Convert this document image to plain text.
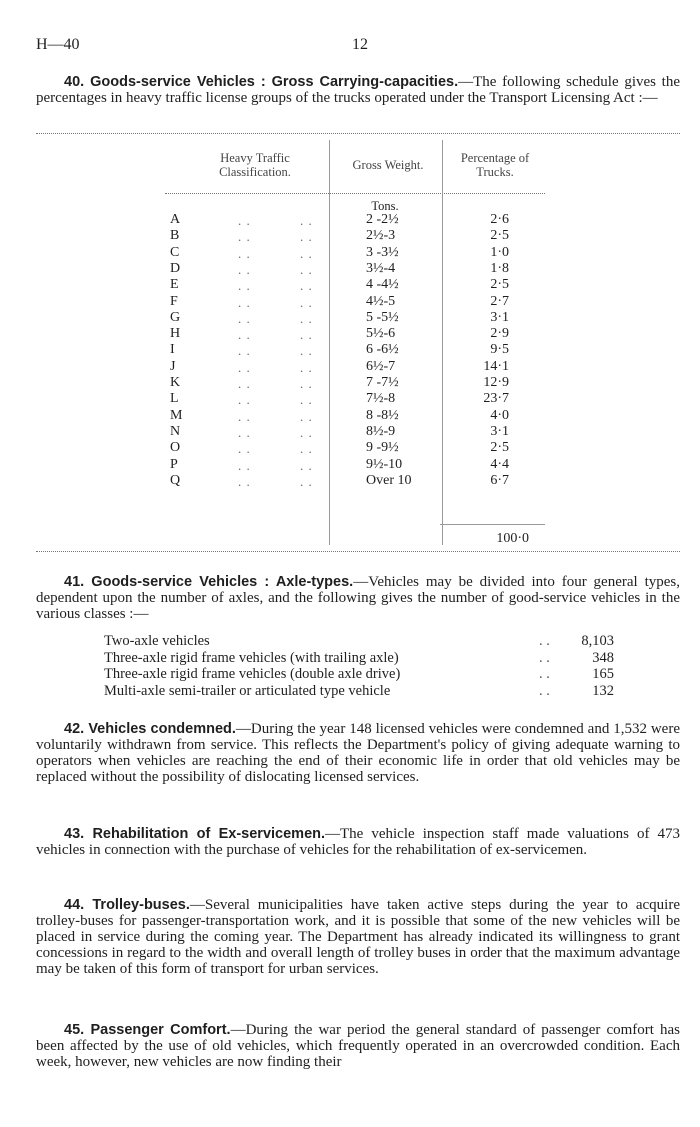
H—40	12
40. Goods-service Vehicles : Gross Carrying-capacities.—The following schedule gives the percentages in heavy traffic license groups of the trucks operated under the Transport Licensing Act :—
Heavy Traffic Classification.	Gross Weight.	Percentage of Trucks.
Tons.
A	. .	. .	2 -2½	2·6
B	. .	. .	2½-3	2·5
C	. .	. .	3 -3½	1·0
D	. .	. .	3½-4	1·8
E	. .	. .	4 -4½	2·5
F	. .	. .	4½-5	2·7
G	. .	. .	5 -5½	3·1
H	. .	. .	5½-6	2·9
I	. .	. .	6 -6½	9·5
J	. .	. .	6½-7	14·1
K	. .	. .	7 -7½	12·9
L	. .	. .	7½-8	23·7
M	. .	. .	8 -8½	4·0
N	. .	. .	8½-9	3·1
O	. .	. .	9 -9½	2·5
P	. .	. .	9½-10	4·4
Q	. .	. .	Over 10	6·7
100·0
41. Goods-service Vehicles : Axle-types.—Vehicles may be divided into four general types, dependent upon the number of axles, and the following gives the number of good-service vehicles in the various classes :—
Two-axle vehicles	. . 8,103
Three-axle rigid frame vehicles (with trailing axle)	. .	348
Three-axle rigid frame vehicles (double axle drive)	. .	165
Multi-axle semi-trailer or articulated type vehicle	. .	132
42. Vehicles condemned.—During the year 148 licensed vehicles were condemned and 1,532 were voluntarily withdrawn from service. This reflects the Department's policy of giving adequate warning to operators when vehicles are reaching the end of their economic life in order that old vehicles may be replaced without the possibility of dislocating licensed services.
43. Rehabilitation of Ex-servicemen.—The vehicle inspection staff made valuations of 473 vehicles in connection with the purchase of vehicles for the rehabilitation of ex-servicemen.
44. Trolley-buses.—Several municipalities have taken active steps during the year to acquire trolley-buses for passenger-transportation work, and it is possible that some of the new vehicles will be placed in service during the coming year. The Department has already indicated its willingness to grant concessions in regard to the width and overall length of trolley buses in order that the maximum advantage may be taken of this form of transport for urban services.
45. Passenger Comfort.—During the war period the general standard of passenger comfort has been affected by the use of old vehicles, which frequently operated in an overcrowded condition. Each week, however, new vehicles are now finding their
